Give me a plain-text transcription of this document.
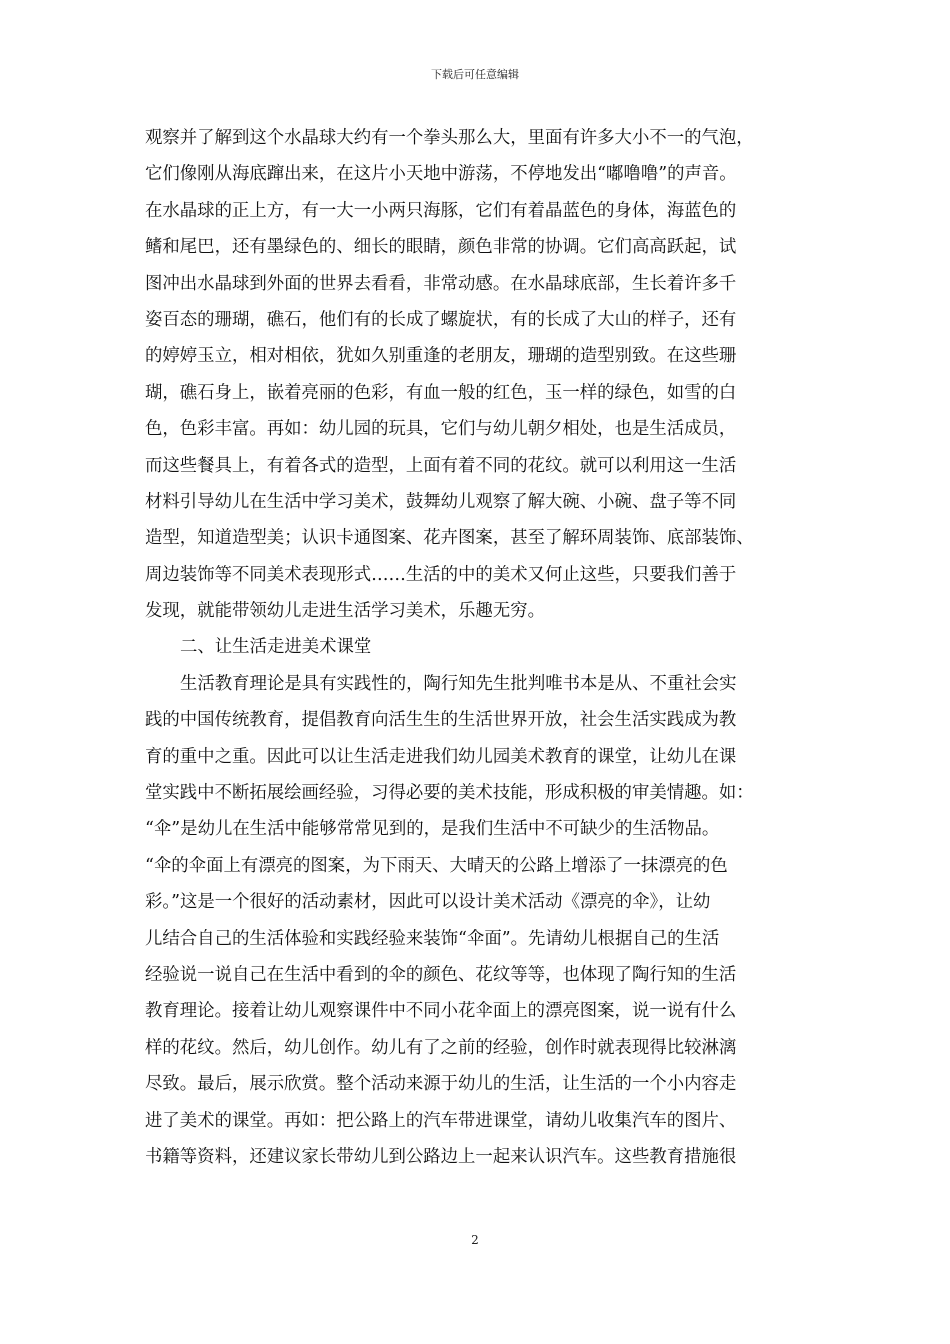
下载后可任意编辑
观察并了解到这个水晶球大约有一个拳头那么大，里面有许多大小不一的气泡，
它们像刚从海底蹿出来，在这片小天地中游荡，不停地发出“嘟噜噜”的声音。
在水晶球的正上方，有一大一小两只海豚，它们有着晶蓝色的身体，海蓝色的
鳍和尾巴，还有墨绿色的、细长的眼睛，颜色非常的协调。它们高高跃起，试
图冲出水晶球到外面的世界去看看，非常动感。在水晶球底部，生长着许多千
姿百态的珊瑚，礁石，他们有的长成了螺旋状，有的长成了大山的样子，还有
的婷婷玉立，相对相依，犹如久别重逢的老朋友，珊瑚的造型别致。在这些珊
瑚，礁石身上，嵌着亮丽的色彩，有血一般的红色，玉一样的绿色，如雪的白
色，色彩丰富。再如：幼儿园的玩具，它们与幼儿朝夕相处，也是生活成员，
而这些餐具上，有着各式的造型，上面有着不同的花纹。就可以利用这一生活
材料引导幼儿在生活中学习美术，鼓舞幼儿观察了解大碗、小碗、盘子等不同
造型，知道造型美；认识卡通图案、花卉图案，甚至了解环周装饰、底部装饰、
周边装饰等不同美术表现形式……生活的中的美术又何止这些，只要我们善于
发现，就能带领幼儿走进生活学习美术，乐趣无穷。
二、让生活走进美术课堂
生活教育理论是具有实践性的，陶行知先生批判唯书本是从、不重社会实
践的中国传统教育，提倡教育向活生生的生活世界开放，社会生活实践成为教
育的重中之重。因此可以让生活走进我们幼儿园美术教育的课堂，让幼儿在课
堂实践中不断拓展绘画经验，习得必要的美术技能，形成积极的审美情趣。如：
“伞”是幼儿在生活中能够常常见到的，是我们生活中不可缺少的生活物品。
“伞的伞面上有漂亮的图案，为下雨天、大晴天的公路上增添了一抹漂亮的色
彩。”这是一个很好的活动素材，因此可以设计美术活动《漂亮的伞》，让幼
儿结合自己的生活体验和实践经验来装饰“伞面”。先请幼儿根据自己的生活
经验说一说自己在生活中看到的伞的颜色、花纹等等，也体现了陶行知的生活
教育理论。接着让幼儿观察课件中不同小花伞面上的漂亮图案，说一说有什么
样的花纹。然后，幼儿创作。幼儿有了之前的经验，创作时就表现得比较淋漓
尽致。最后，展示欣赏。整个活动来源于幼儿的生活，让生活的一个小内容走
进了美术的课堂。再如：把公路上的汽车带进课堂，请幼儿收集汽车的图片、
书籍等资料，还建议家长带幼儿到公路边上一起来认识汽车。这些教育措施很
2
